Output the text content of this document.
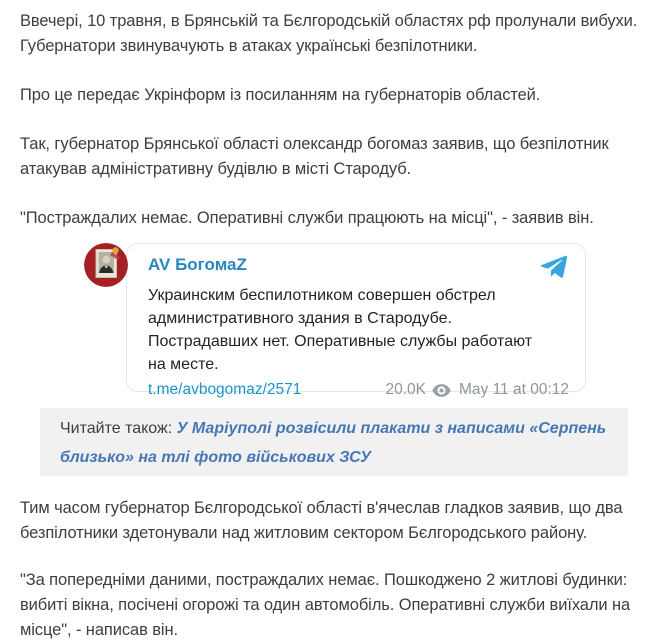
Ввечері, 10 травня, в Брянській та Бєлгородській областях рф пролунали вибухи. Губернатори звинувачують в атаках українські безпілотники.

Про це передає Укрінформ із посиланням на губернаторів областей.

Так, губернатор Брянської області олександр богомаз заявив, що безпілотник атакував адміністративну будівлю в місті Стародуб.

"Постраждалих немає. Оперативні служби працюють на місці", - заявив він.

AV БогомаZ
Украинским беспилотником совершен обстрел административного здания в Стародубе. Пострадавших нет. Оперативные службы работают на месте.
t.me/avbogomaz/2571	20.0K May 11 at 00:12
Читайте також: У Маріуполі розвісили плакати з написами «Серпень близько» на тлі фото військових ЗСУ

Тим часом губернатор Бєлгородської області в'ячеслав гладков заявив, що два безпілотники здетонували над житловим сектором Бєлгородського району.

"За попередніми даними, постраждалих немає. Пошкоджено 2 житлові будинки: вибиті вікна, посічені огорожі та один автомобіль. Оперативні служби виїхали на місце", - написав він.
